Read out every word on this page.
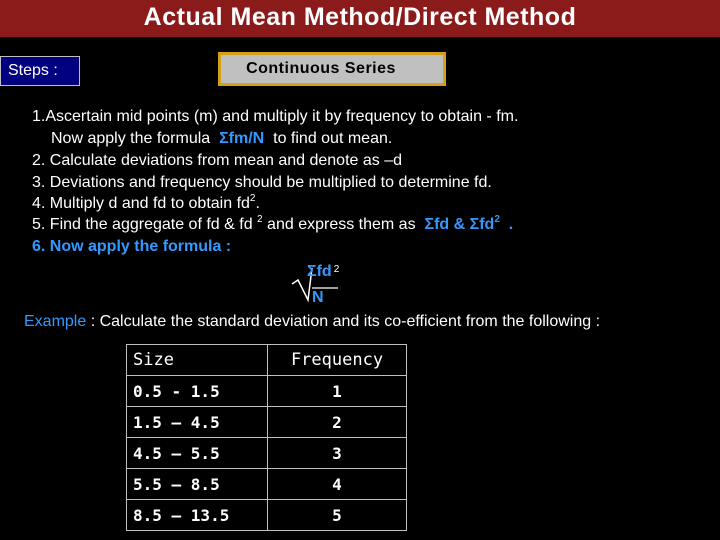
Actual Mean Method/Direct Method
Steps :	Continuous Series
1.Ascertain mid points (m) and multiply it by frequency to obtain - fm.
Now apply the formula Σfm/N to find out mean.
2. Calculate deviations from mean and denote as –d
3. Deviations and frequency should be multiplied to determine fd.
4. Multiply d and fd to obtain $fd^2$.
5. Find the aggregate of fd & fd $^2$ and express them as Σfd & Σfd$^2$ .
6. Now apply the formula :
Σfd $^2$
N
Example : Calculate the standard deviation and its co-efficient from the following :
Size	Frequency
0.5 - 1.5	1
1.5 – 4.5	2
4.5 – 5.5	3
5.5 – 8.5	4
8.5 – 13.5	5
